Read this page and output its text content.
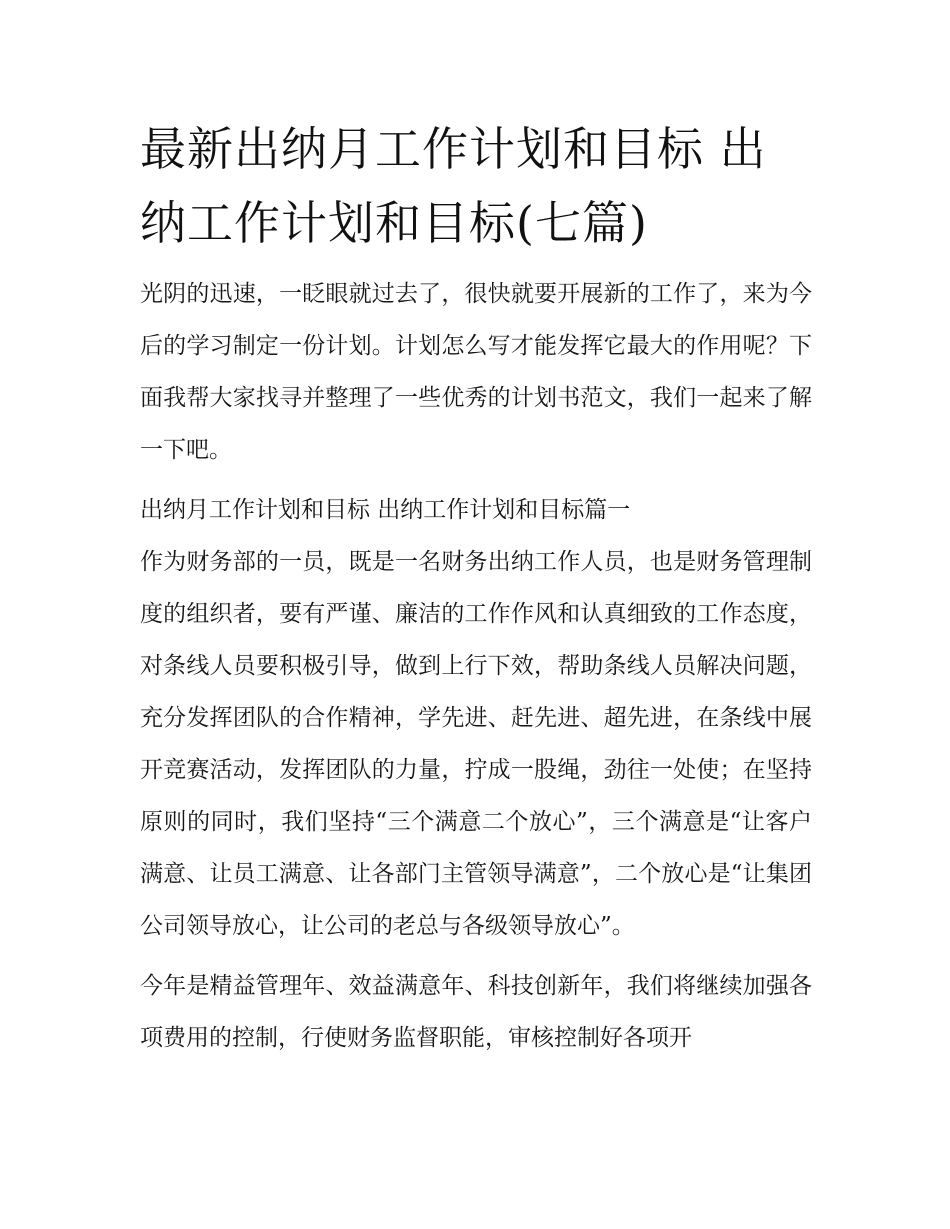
最新出纳月工作计划和目标 出纳工作计划和目标(七篇)

光阴的迅速，一眨眼就过去了，很快就要开展新的工作了，来为今后的学习制定一份计划。计划怎么写才能发挥它最大的作用呢？下面我帮大家找寻并整理了一些优秀的计划书范文，我们一起来了解一下吧。

出纳月工作计划和目标 出纳工作计划和目标篇一

作为财务部的一员，既是一名财务出纳工作人员，也是财务管理制度的组织者，要有严谨、廉洁的工作作风和认真细致的工作态度，对条线人员要积极引导，做到上行下效，帮助条线人员解决问题，充分发挥团队的合作精神，学先进、赶先进、超先进，在条线中展开竞赛活动，发挥团队的力量，拧成一股绳，劲往一处使；在坚持原则的同时，我们坚持“三个满意二个放心”，三个满意是“让客户满意、让员工满意、让各部门主管领导满意”，二个放心是“让集团公司领导放心，让公司的老总与各级领导放心”。

今年是精益管理年、效益满意年、科技创新年，我们将继续加强各项费用的控制，行使财务监督职能，审核控制好各项开
